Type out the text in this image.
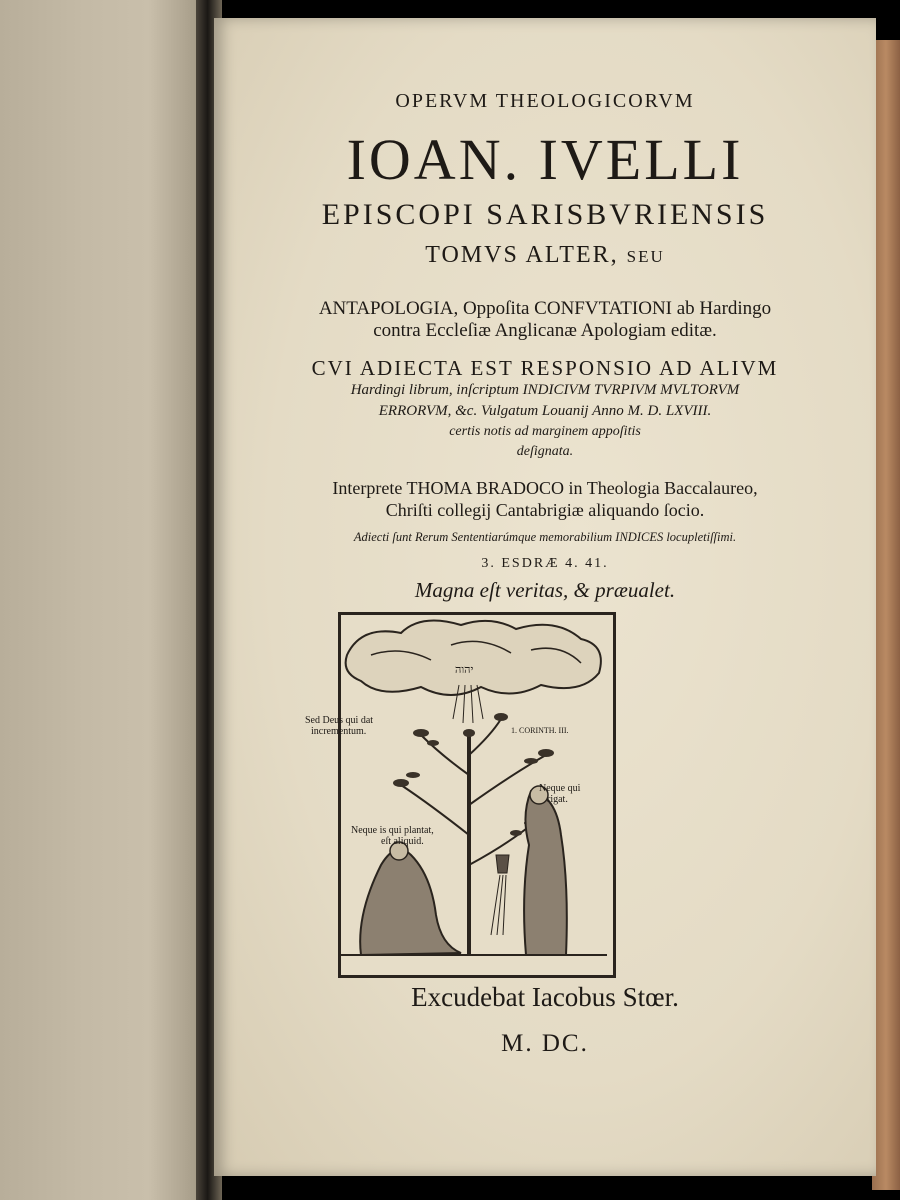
OPERVM THEOLOGICORVM
IOAN. IVELLI
EPISCOPI SARISBVRIENSIS
TOMVS ALTER, ſeu
ANTAPOLOGIA, Oppoſita CONFVTATIONI ab Hardingo
contra Eccleſiæ Anglicanæ Apologiam editæ.
CVI ADIECTA EST RESPONSIO AD ALIVM
Hardingi librum, inſcriptum INDICIVM TVRPIVM MVLTORVM
ERRORVM, &c. Vulgatum Louanij Anno M. D. LXVIII.
certis notis ad marginem appoſitis
deſignata.
Interprete THOMA BRADOCO in Theologia Baccalaureo,
Chriſti collegij Cantabrigiæ aliquando ſocio.
Adiecti ſunt Rerum Sententiarúmque memorabilium INDICES locupletiſſimi.
3. ESDRÆ 4. 41.
Magna eſt veritas, & præualet.
יהוה
Sed Deus qui dat
incrementum.	1. CORINTH. III.
Neque qui
rigat.
Neque is qui plantat,
eſt aliquid.
Excudebat Iacobus Stœr.
M. DC.
